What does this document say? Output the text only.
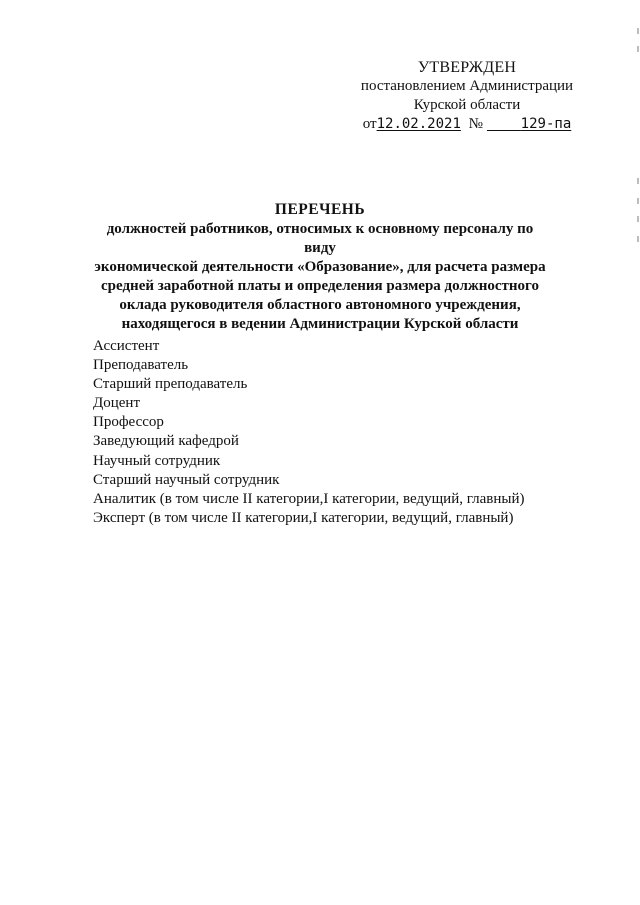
УТВЕРЖДЕН
постановлением Администрации
Курской области
от12.02.2021 №	129-па
ПЕРЕЧЕНЬ
должностей работников, относимых к основному персоналу по виду
экономической деятельности «Образование», для расчета размера
средней заработной платы и определения размера должностного
оклада руководителя областного автономного учреждения,
находящегося в ведении Администрации Курской области
Ассистент
Преподаватель
Старший преподаватель
Доцент
Профессор
Заведующий кафедрой
Научный сотрудник
Старший научный сотрудник
Аналитик (в том числе II категории,I категории, ведущий, главный)
Эксперт (в том числе II категории,I категории, ведущий, главный)
